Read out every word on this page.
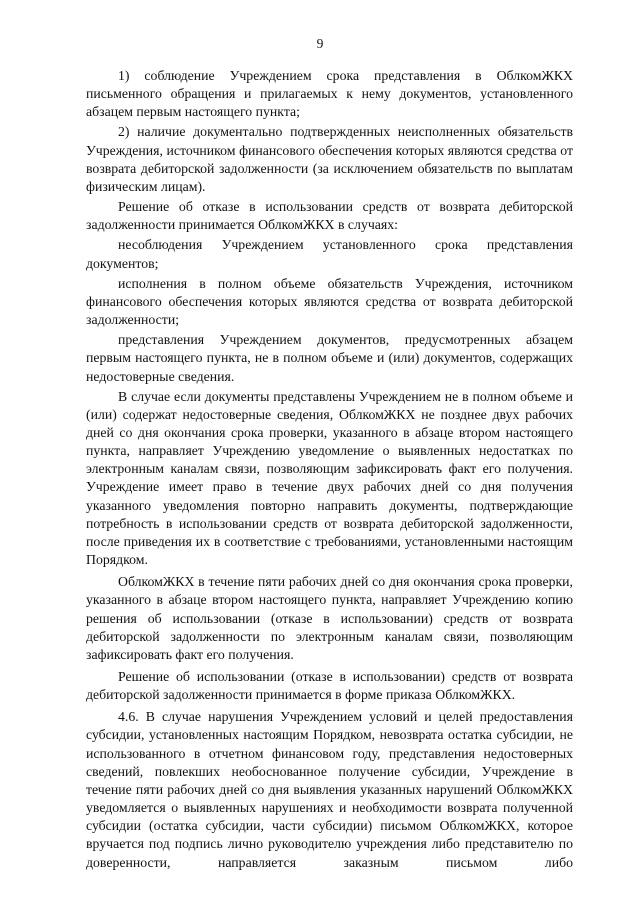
9

1) соблюдение Учреждением срока представления в ОблкомЖКХ письменного обращения и прилагаемых к нему документов, установленного абзацем первым настоящего пункта;

2) наличие документально подтвержденных неисполненных обязательств Учреждения, источником финансового обеспечения которых являются средства от возврата дебиторской задолженности (за исключением обязательств по выплатам физическим лицам).

Решение об отказе в использовании средств от возврата дебиторской задолженности принимается ОблкомЖКХ в случаях:

несоблюдения Учреждением установленного срока представления документов;

исполнения в полном объеме обязательств Учреждения, источником финансового обеспечения которых являются средства от возврата дебиторской задолженности;

представления Учреждением документов, предусмотренных абзацем первым настоящего пункта, не в полном объеме и (или) документов, содержащих недостоверные сведения.

В случае если документы представлены Учреждением не в полном объеме и (или) содержат недостоверные сведения, ОблкомЖКХ не позднее двух рабочих дней со дня окончания срока проверки, указанного в абзаце втором настоящего пункта, направляет Учреждению уведомление о выявленных недостатках по электронным каналам связи, позволяющим зафиксировать факт его получения. Учреждение имеет право в течение двух рабочих дней со дня получения указанного уведомления повторно направить документы, подтверждающие потребность в использовании средств от возврата дебиторской задолженности, после приведения их в соответствие с требованиями, установленными настоящим Порядком.

ОблкомЖКХ в течение пяти рабочих дней со дня окончания срока проверки, указанного в абзаце втором настоящего пункта, направляет Учреждению копию решения об использовании (отказе в использовании) средств от возврата дебиторской задолженности по электронным каналам связи, позволяющим зафиксировать факт его получения.

Решение об использовании (отказе в использовании) средств от возврата дебиторской задолженности принимается в форме приказа ОблкомЖКХ.

4.6. В случае нарушения Учреждением условий и целей предоставления субсидии, установленных настоящим Порядком, невозврата остатка субсидии, не использованного в отчетном финансовом году, представления недостоверных сведений, повлекших необоснованное получение субсидии, Учреждение в течение пяти рабочих дней со дня выявления указанных нарушений ОблкомЖКХ уведомляется о выявленных нарушениях и необходимости возврата полученной субсидии (остатка субсидии, части субсидии) письмом ОблкомЖКХ, которое вручается под подпись лично руководителю учреждения либо представителю по доверенности, направляется заказным письмом либо
